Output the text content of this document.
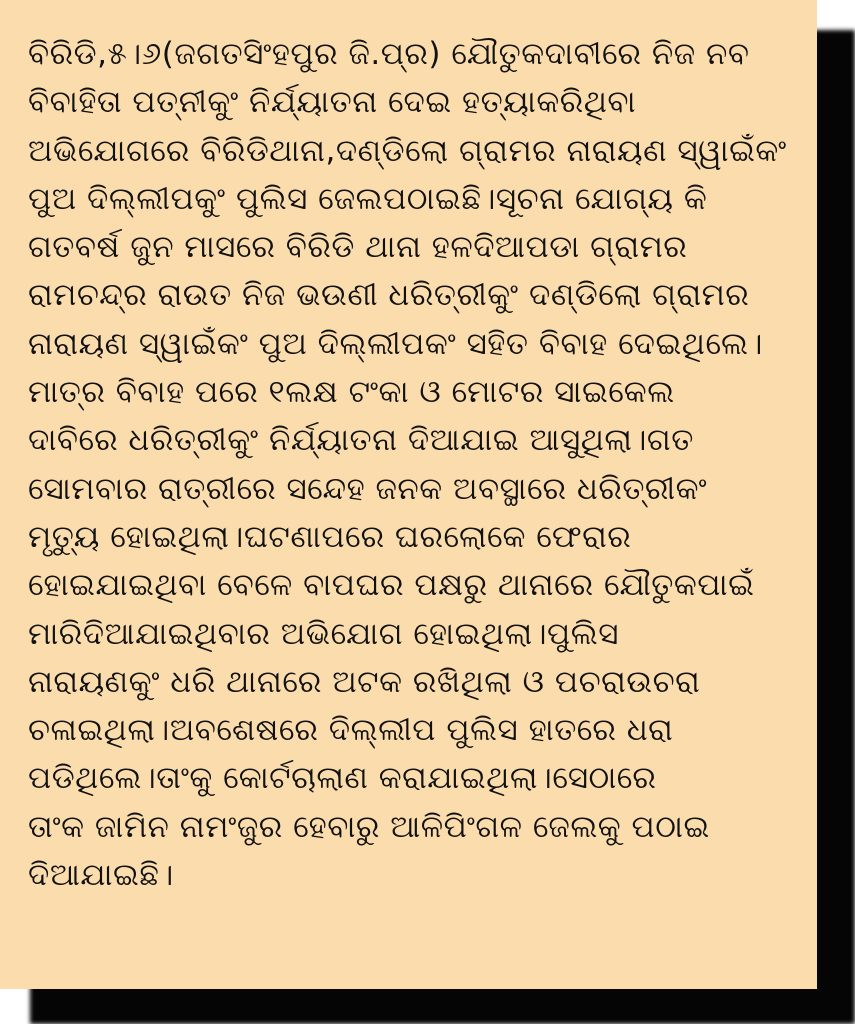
ବିରିଡି,୫।୬(ଜଗତସିଂହପୁର ଜି.ପ୍ର) ଯୌତୁକଦାବୀରେ ନିଜ ନବ
ବିବାହିତା ପତ୍ନୀକୁଂ ନିର୍ଯ୍ୟାତନା ଦେଇ ହତ୍ୟାକରିଥିବା
ଅଭିଯୋଗରେ ବିରିଡିଥାନା,ଦଣ୍ଡିଲୋ ଗ୍ରାମର ନାରାୟଣ ସ୍ୱାଇଁକଂ
ପୁଅ ଦିଲ୍ଲୀପକୁଂ ପୁଲିସ ଜେଲପଠାଇଛି।ସୂଚନା ଯୋଗ୍ୟ କି
ଗତବର୍ଷ ଜୁନ ମାସରେ ବିରିଡି ଥାନା ହଳଦିଆପଡା ଗ୍ରାମର
ରାମଚନ୍ଦ୍ର ରାଉତ ନିଜ ଭଉଣୀ ଧରିତ୍ରୀକୁଂ ଦଣ୍ଡିଲୋ ଗ୍ରାମର
ନାରାୟଣ ସ୍ୱାଇଁକଂ ପୁଅ ଦିଲ୍ଲୀପକଂ ସହିତ ବିବାହ ଦେଇଥିଲେ।
ମାତ୍ର ବିବାହ ପରେ ୧ଲକ୍ଷ ଟଂକା ଓ ମୋଟର ସାଇକେଲ
ଦାବିରେ ଧରିତ୍ରୀକୁଂ ନିର୍ଯ୍ୟାତନା ଦିଆଯାଇ ଆସୁଥିଲା।ଗତ
ସୋମବାର ରାତ୍ରୀରେ ସନ୍ଦେହ ଜନକ ଅବସ୍ଥାରେ ଧରିତ୍ରୀକଂ
ମୃତ୍ୟୁ ହୋଇଥିଲା।ଘଟଣାପରେ ଘରଲୋକେ ଫେରାର
ହୋଇଯାଇଥିବା ବେଳେ ବାପଘର ପକ୍ଷରୁ ଥାନାରେ ଯୌତୁକପାଇଁ
ମାରିଦିଆଯାଇଥିବାର ଅଭିଯୋଗ ହୋଇଥିଲା।ପୁଲିସ
ନାରାୟଣକୁଂ ଧରି ଥାନାରେ ଅଟକ ରଖିଥିଲା ଓ ପଚରାଉଚରା
ଚଳାଇଥିଲା।ଅବଶେଷରେ ଦିଲ୍ଲୀପ ପୁଲିସ ହାତରେ ଧରା
ପଡିଥିଲେ।ତାଂକୁ କୋର୍ଟଚାଲାଣ କରାଯାଇଥିଲା।ସେଠାରେ
ତାଂକ ଜାମିନ ନାମଂଜୁର ହେବାରୁ ଆଳିପିଂଗଳ ଜେଲକୁ ପଠାଇ
ଦିଆଯାଇଛି।
